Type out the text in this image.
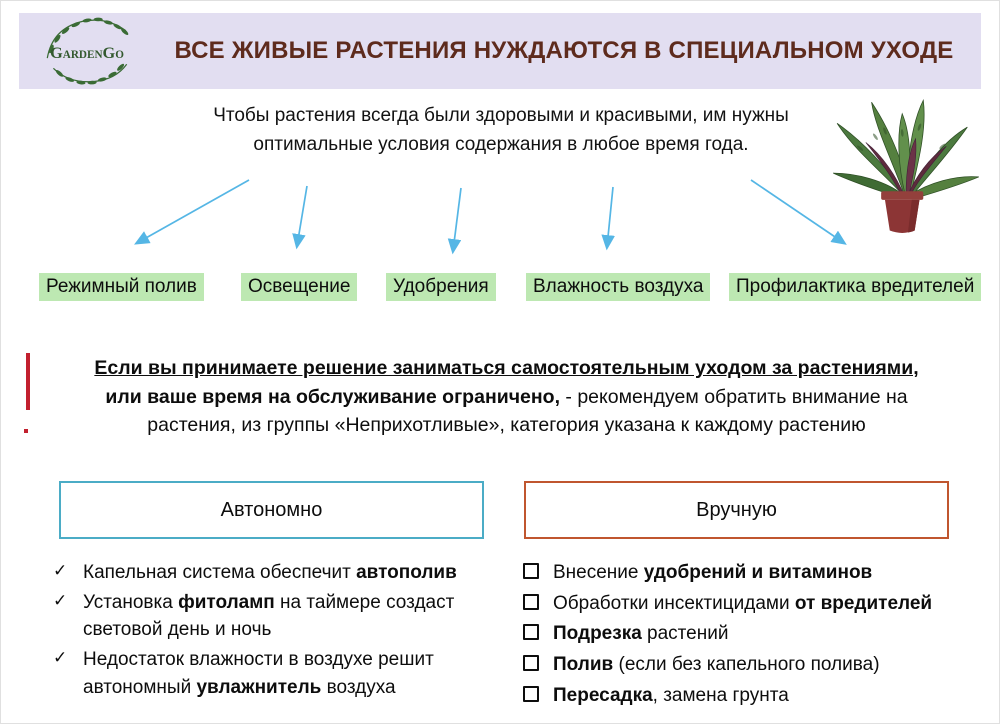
GARDENGO	ВСЕ ЖИВЫЕ РАСТЕНИЯ НУЖДАЮТСЯ В СПЕЦИАЛЬНОМ УХОДЕ
Чтобы растения всегда были здоровыми и красивыми, им нужны оптимальные условия содержания в любое время года.
Режимный полив	Освещение	Удобрения	Влажность воздуха	Профилактика вредителей
Если вы принимаете решение заниматься самостоятельным уходом за растениями,
или ваше время на обслуживание ограничено, - рекомендуем обратить внимание на
растения, из группы «Неприхотливые», категория указана к каждому растению
Автономно	Вручную
✓ Капельная система обеспечит автополив
✓ Установка фитоламп на таймере создаст световой день и ночь
✓ Недостаток влажности в воздухе решит автономный увлажнитель воздуха
Внесение удобрений и витаминов
Обработки инсектицидами от вредителей
Подрезка растений
Полив (если без капельного полива)
Пересадка, замена грунта
